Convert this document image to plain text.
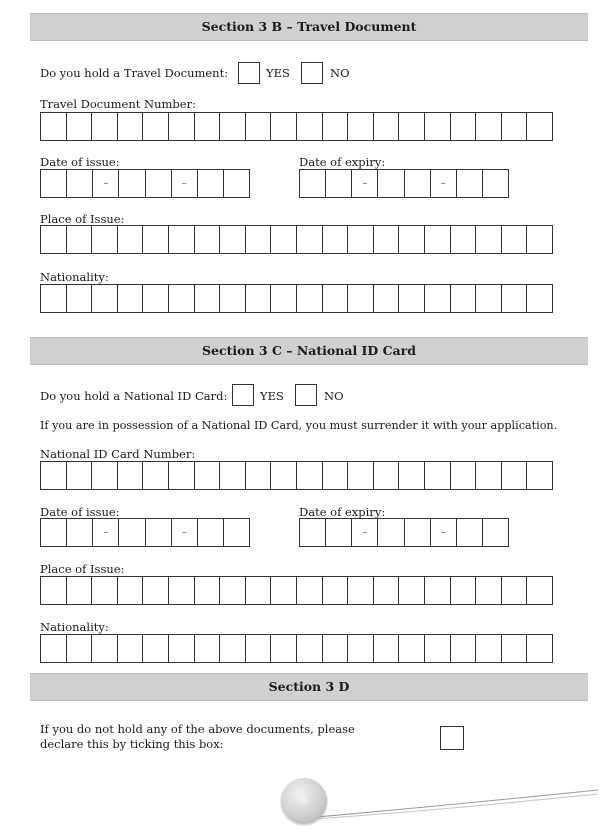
Section 3 B – Travel Document
Do you hold a Travel Document:	YES	NO
Travel Document Number:
Date of issue:
–	–
Date of expiry:
–	–
Place of Issue:
Nationality:
Section 3 C – National ID Card
Do you hold a National ID Card:	YES	NO
If you are in possession of a National ID Card, you must surrender it with your application.
National ID Card Number:
Date of issue:
–	–
Date of expiry:
–	–
Place of Issue:
Nationality:
Section 3 D
If you do not hold any of the above documents, please declare this by ticking this box:
6
